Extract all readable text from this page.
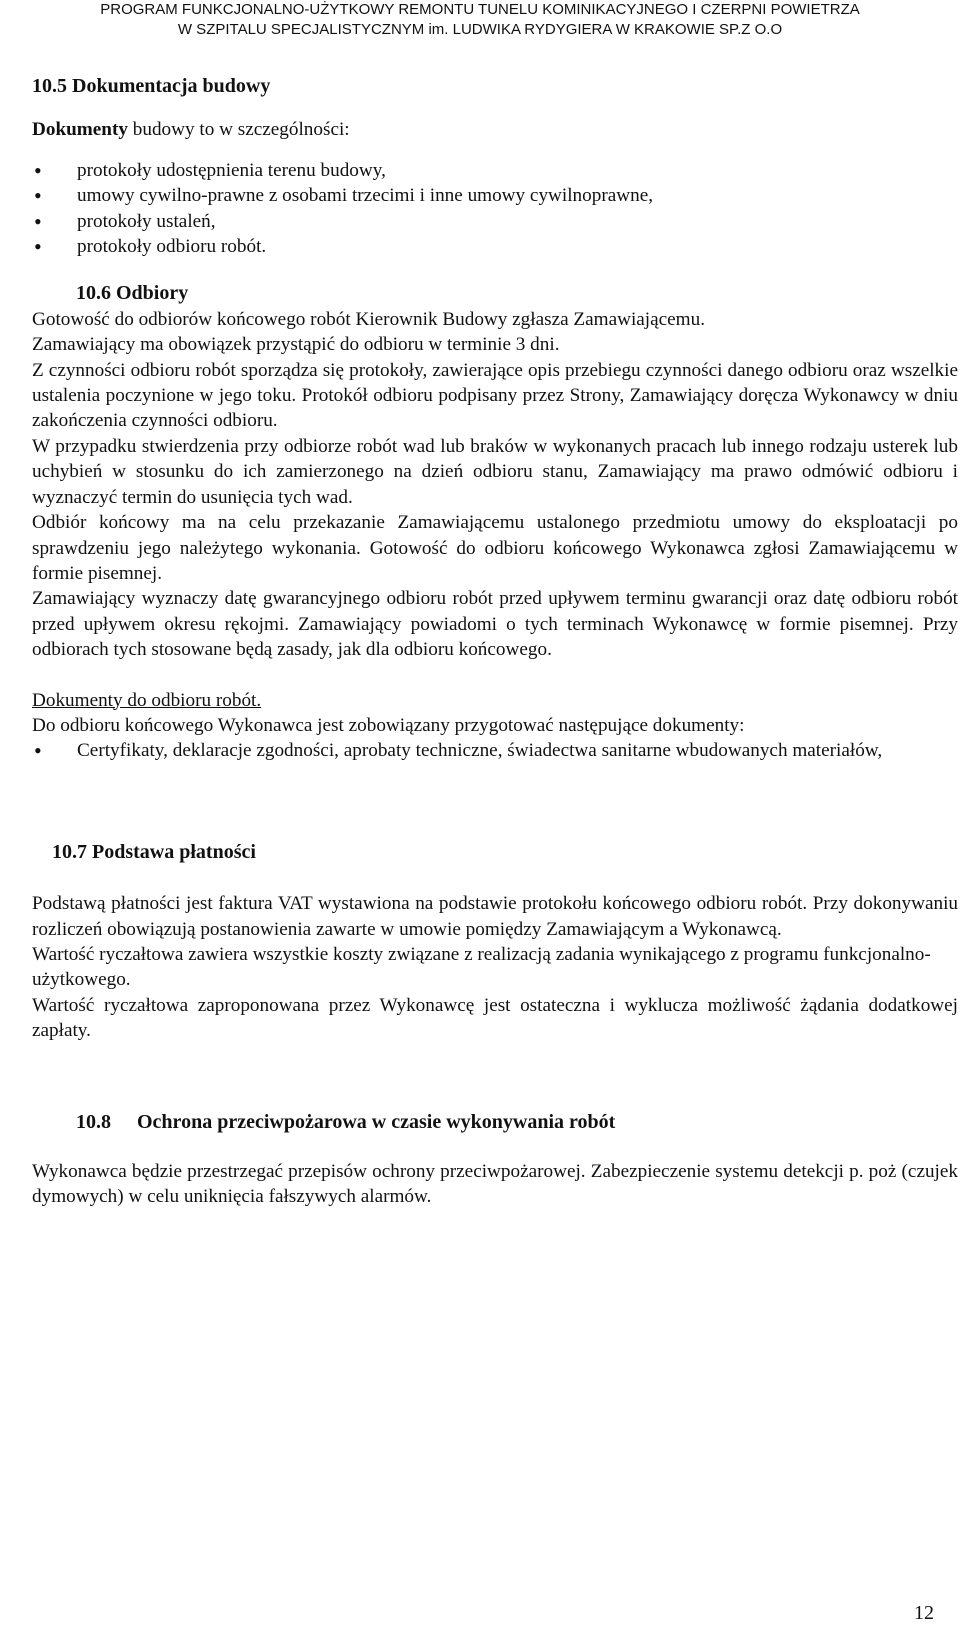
PROGRAM FUNKCJONALNO-UŻYTKOWY REMONTU TUNELU KOMINIKACYJNEGO I CZERPNI POWIETRZA
W SZPITALU SPECJALISTYCZNYM im. LUDWIKA RYDYGIERA W KRAKOWIE SP.Z O.O

10.5 Dokumentacja budowy

Dokumenty budowy to w szczególności:

• protokoły udostępnienia terenu budowy,
• umowy cywilno-prawne z osobami trzecimi i inne umowy cywilnoprawne,
• protokoły ustaleń,
• protokoły odbioru robót.

10.6 Odbiory

Gotowość do odbiorów końcowego robót Kierownik Budowy zgłasza Zamawiającemu.

Zamawiający ma obowiązek przystąpić do odbioru w terminie 3 dni.

Z czynności odbioru robót sporządza się protokoły, zawierające opis przebiegu czynności danego odbioru oraz wszelkie ustalenia poczynione w jego toku. Protokół odbioru podpisany przez Strony, Zamawiający doręcza Wykonawcy w dniu zakończenia czynności odbioru.

W przypadku stwierdzenia przy odbiorze robót wad lub braków w wykonanych pracach lub innego rodzaju usterek lub uchybień w stosunku do ich zamierzonego na dzień odbioru stanu, Zamawiający ma prawo odmówić odbioru i wyznaczyć termin do usunięcia tych wad.

Odbiór końcowy ma na celu przekazanie Zamawiającemu ustalonego przedmiotu umowy do eksploatacji po sprawdzeniu jego należytego wykonania. Gotowość do odbioru końcowego Wykonawca zgłosi Zamawiającemu w formie pisemnej.

Zamawiający wyznaczy datę gwarancyjnego odbioru robót przed upływem terminu gwarancji oraz datę odbioru robót przed upływem okresu rękojmi. Zamawiający powiadomi o tych terminach Wykonawcę w formie pisemnej. Przy odbiorach tych stosowane będą zasady, jak dla odbioru końcowego.

Dokumenty do odbioru robót.

Do odbioru końcowego Wykonawca jest zobowiązany przygotować następujące dokumenty:

• Certyfikaty, deklaracje zgodności, aprobaty techniczne, świadectwa sanitarne wbudowanych materiałów,

10.7 Podstawa płatności

Podstawą płatności jest faktura VAT wystawiona na podstawie protokołu końcowego odbioru robót. Przy dokonywaniu rozliczeń obowiązują postanowienia zawarte w umowie pomiędzy Zamawiającym a Wykonawcą.

Wartość ryczałtowa zawiera wszystkie koszty związane z realizacją zadania wynikającego z programu funkcjonalno-użytkowego.

Wartość ryczałtowa zaproponowana przez Wykonawcę jest ostateczna i wyklucza możliwość żądania dodatkowej zapłaty.

10.8 Ochrona przeciwpożarowa w czasie wykonywania robót

Wykonawca będzie przestrzegać przepisów ochrony przeciwpożarowej. Zabezpieczenie systemu detekcji p. poż (czujek dymowych) w celu uniknięcia fałszywych alarmów.

12
